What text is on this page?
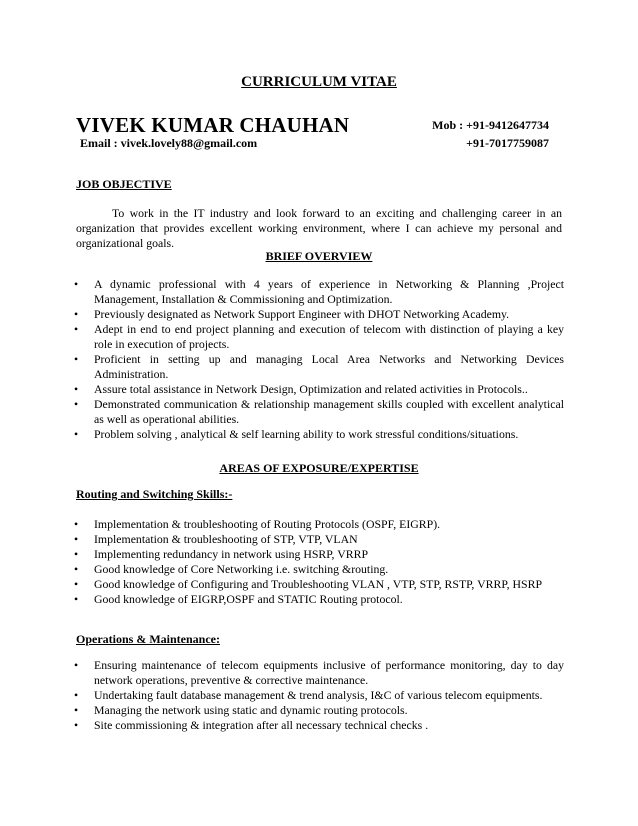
CURRICULUM VITAE
VIVEK KUMAR CHAUHAN	Mob : +91-9412647734
Email : vivek.lovely88@gmail.com	+91-7017759087
JOB OBJECTIVE
To work in the IT industry and look forward to an exciting and challenging career in an organization that provides excellent working environment, where I can achieve my personal and organizational goals.
BRIEF OVERVIEW
• A dynamic professional with 4 years of experience in Networking & Planning ,Project Management, Installation & Commissioning and Optimization.
• Previously designated as Network Support Engineer with DHOT Networking Academy.
• Adept in end to end project planning and execution of telecom with distinction of playing a key role in execution of projects.
• Proficient in setting up and managing Local Area Networks and Networking Devices Administration.
• Assure total assistance in Network Design, Optimization and related activities in Protocols..
• Demonstrated communication & relationship management skills coupled with excellent analytical as well as operational abilities.
• Problem solving , analytical & self learning ability to work stressful conditions/situations.
AREAS OF EXPOSURE/EXPERTISE
Routing and Switching Skills:-
• Implementation & troubleshooting of Routing Protocols (OSPF, EIGRP).
• Implementation & troubleshooting of STP, VTP, VLAN
• Implementing redundancy in network using HSRP, VRRP
• Good knowledge of Core Networking i.e. switching &routing.
• Good knowledge of Configuring and Troubleshooting VLAN , VTP, STP, RSTP, VRRP, HSRP
• Good knowledge of EIGRP,OSPF and STATIC Routing protocol.
Operations & Maintenance:
• Ensuring maintenance of telecom equipments inclusive of performance monitoring, day to day network operations, preventive & corrective maintenance.
• Undertaking fault database management & trend analysis, I&C of various telecom equipments.
• Managing the network using static and dynamic routing protocols.
• Site commissioning & integration after all necessary technical checks .
